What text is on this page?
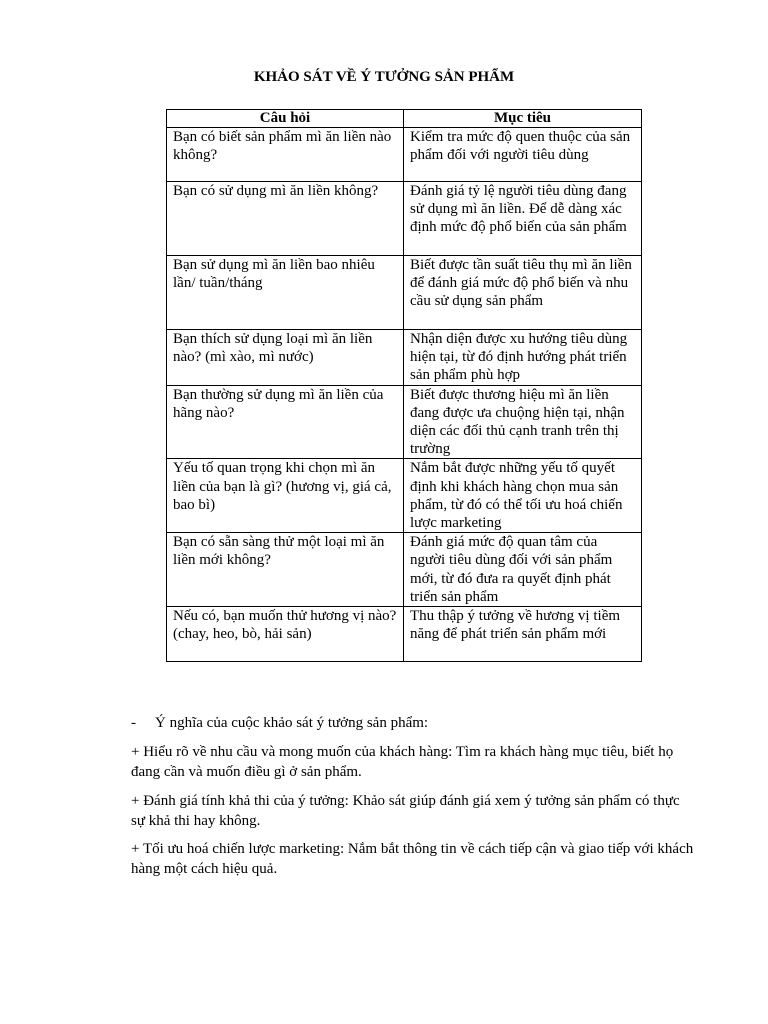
KHẢO SÁT VỀ Ý TƯỞNG SẢN PHẨM
Câu hỏi	Mục tiêu
Bạn có biết sản phẩm mì ăn liền nào không?	Kiểm tra mức độ quen thuộc của sản phẩm đối với người tiêu dùng
Bạn có sử dụng mì ăn liền không?	Đánh giá tỷ lệ người tiêu dùng đang sử dụng mì ăn liền. Để dễ dàng xác định mức độ phổ biến của sản phẩm
Bạn sử dụng mì ăn liền bao nhiêu lần/ tuần/tháng	Biết được tần suất tiêu thụ mì ăn liền để đánh giá mức độ phổ biến và nhu cầu sử dụng sản phẩm
Bạn thích sử dụng loại mì ăn liền nào? (mì xào, mì nước)	Nhận diện được xu hướng tiêu dùng hiện tại, từ đó định hướng phát triển sản phẩm phù hợp
Bạn thường sử dụng mì ăn liền của hãng nào?	Biết được thương hiệu mì ăn liền đang được ưa chuộng hiện tại, nhận diện các đối thủ cạnh tranh trên thị trường
Yếu tố quan trọng khi chọn mì ăn liền của bạn là gì? (hương vị, giá cả, bao bì)	Nắm bắt được những yếu tố quyết định khi khách hàng chọn mua sản phẩm, từ đó có thể tối ưu hoá chiến lược marketing
Bạn có sẵn sàng thử một loại mì ăn liền mới không?	Đánh giá mức độ quan tâm của người tiêu dùng đối với sản phẩm mới, từ đó đưa ra quyết định phát triển sản phẩm
Nếu có, bạn muốn thử hương vị nào? (chay, heo, bò, hải sản)	Thu thập ý tưởng về hương vị tiềm năng để phát triển sản phẩm mới
- Ý nghĩa của cuộc khảo sát ý tưởng sản phẩm:
+ Hiểu rõ về nhu cầu và mong muốn của khách hàng: Tìm ra khách hàng mục tiêu, biết họ đang cần và muốn điều gì ở sản phẩm.
+ Đánh giá tính khả thi của ý tưởng: Khảo sát giúp đánh giá xem ý tưởng sản phẩm có thực sự khả thi hay không.
+ Tối ưu hoá chiến lược marketing: Nắm bắt thông tin về cách tiếp cận và giao tiếp với khách hàng một cách hiệu quả.
